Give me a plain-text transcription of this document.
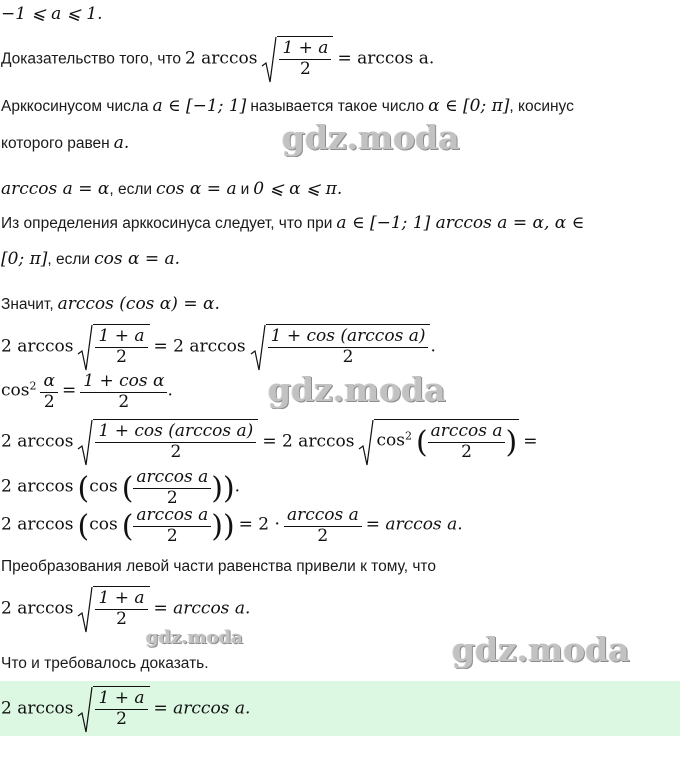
−1 ⩽ a ⩽ 1.
Доказательство того, что 2 $\arccos \frac{1 + a}{2} = \arccos a$.
Арккосинусом числа a ∈ [−1; 1] называется такое число α ∈ [0; π], косинус
которого равен a.
arccos a = α, если cos α = a и 0 ⩽ α ⩽ π.
Из определения арккосинуса следует, что при a ∈ [−1; 1] arccos a = α, α ∈
[0; π], если cos α = a.
Значит, arccos (cos α) = α.
2 $\arccos \frac{1 + a}{2} = 2$ $\arccos \frac{\text{1 + cos (arccos a)}}{2}$ .
$\cos^2 \frac{\alpha}{2} = \frac{\text{1 + cos α}}{2}$ .
2 $\arccos \frac{\text{1 + cos (arccos a)}}{2} = 2$ $\arccos \cos^2$ ( $\frac{\text{arccos a}}{2}$ ) =
2 arccos (cos ( $\frac{\text{arccos a}}{2}$ )).
2 arccos (cos ( $\frac{\text{arccos a}}{2}$ )) = $2 \cdot \frac{\text{arccos a}}{2} = \arccos a$.
Преобразования левой части равенства привели к тому, что
2 $\arccos \frac{1 + a}{2} = \arccos a$.
Что и требовалось доказать.
2 $\arccos \frac{1 + a}{2} = \arccos a$.
gdz.moda
gdz.moda
gdz.moda	gdz.moda
